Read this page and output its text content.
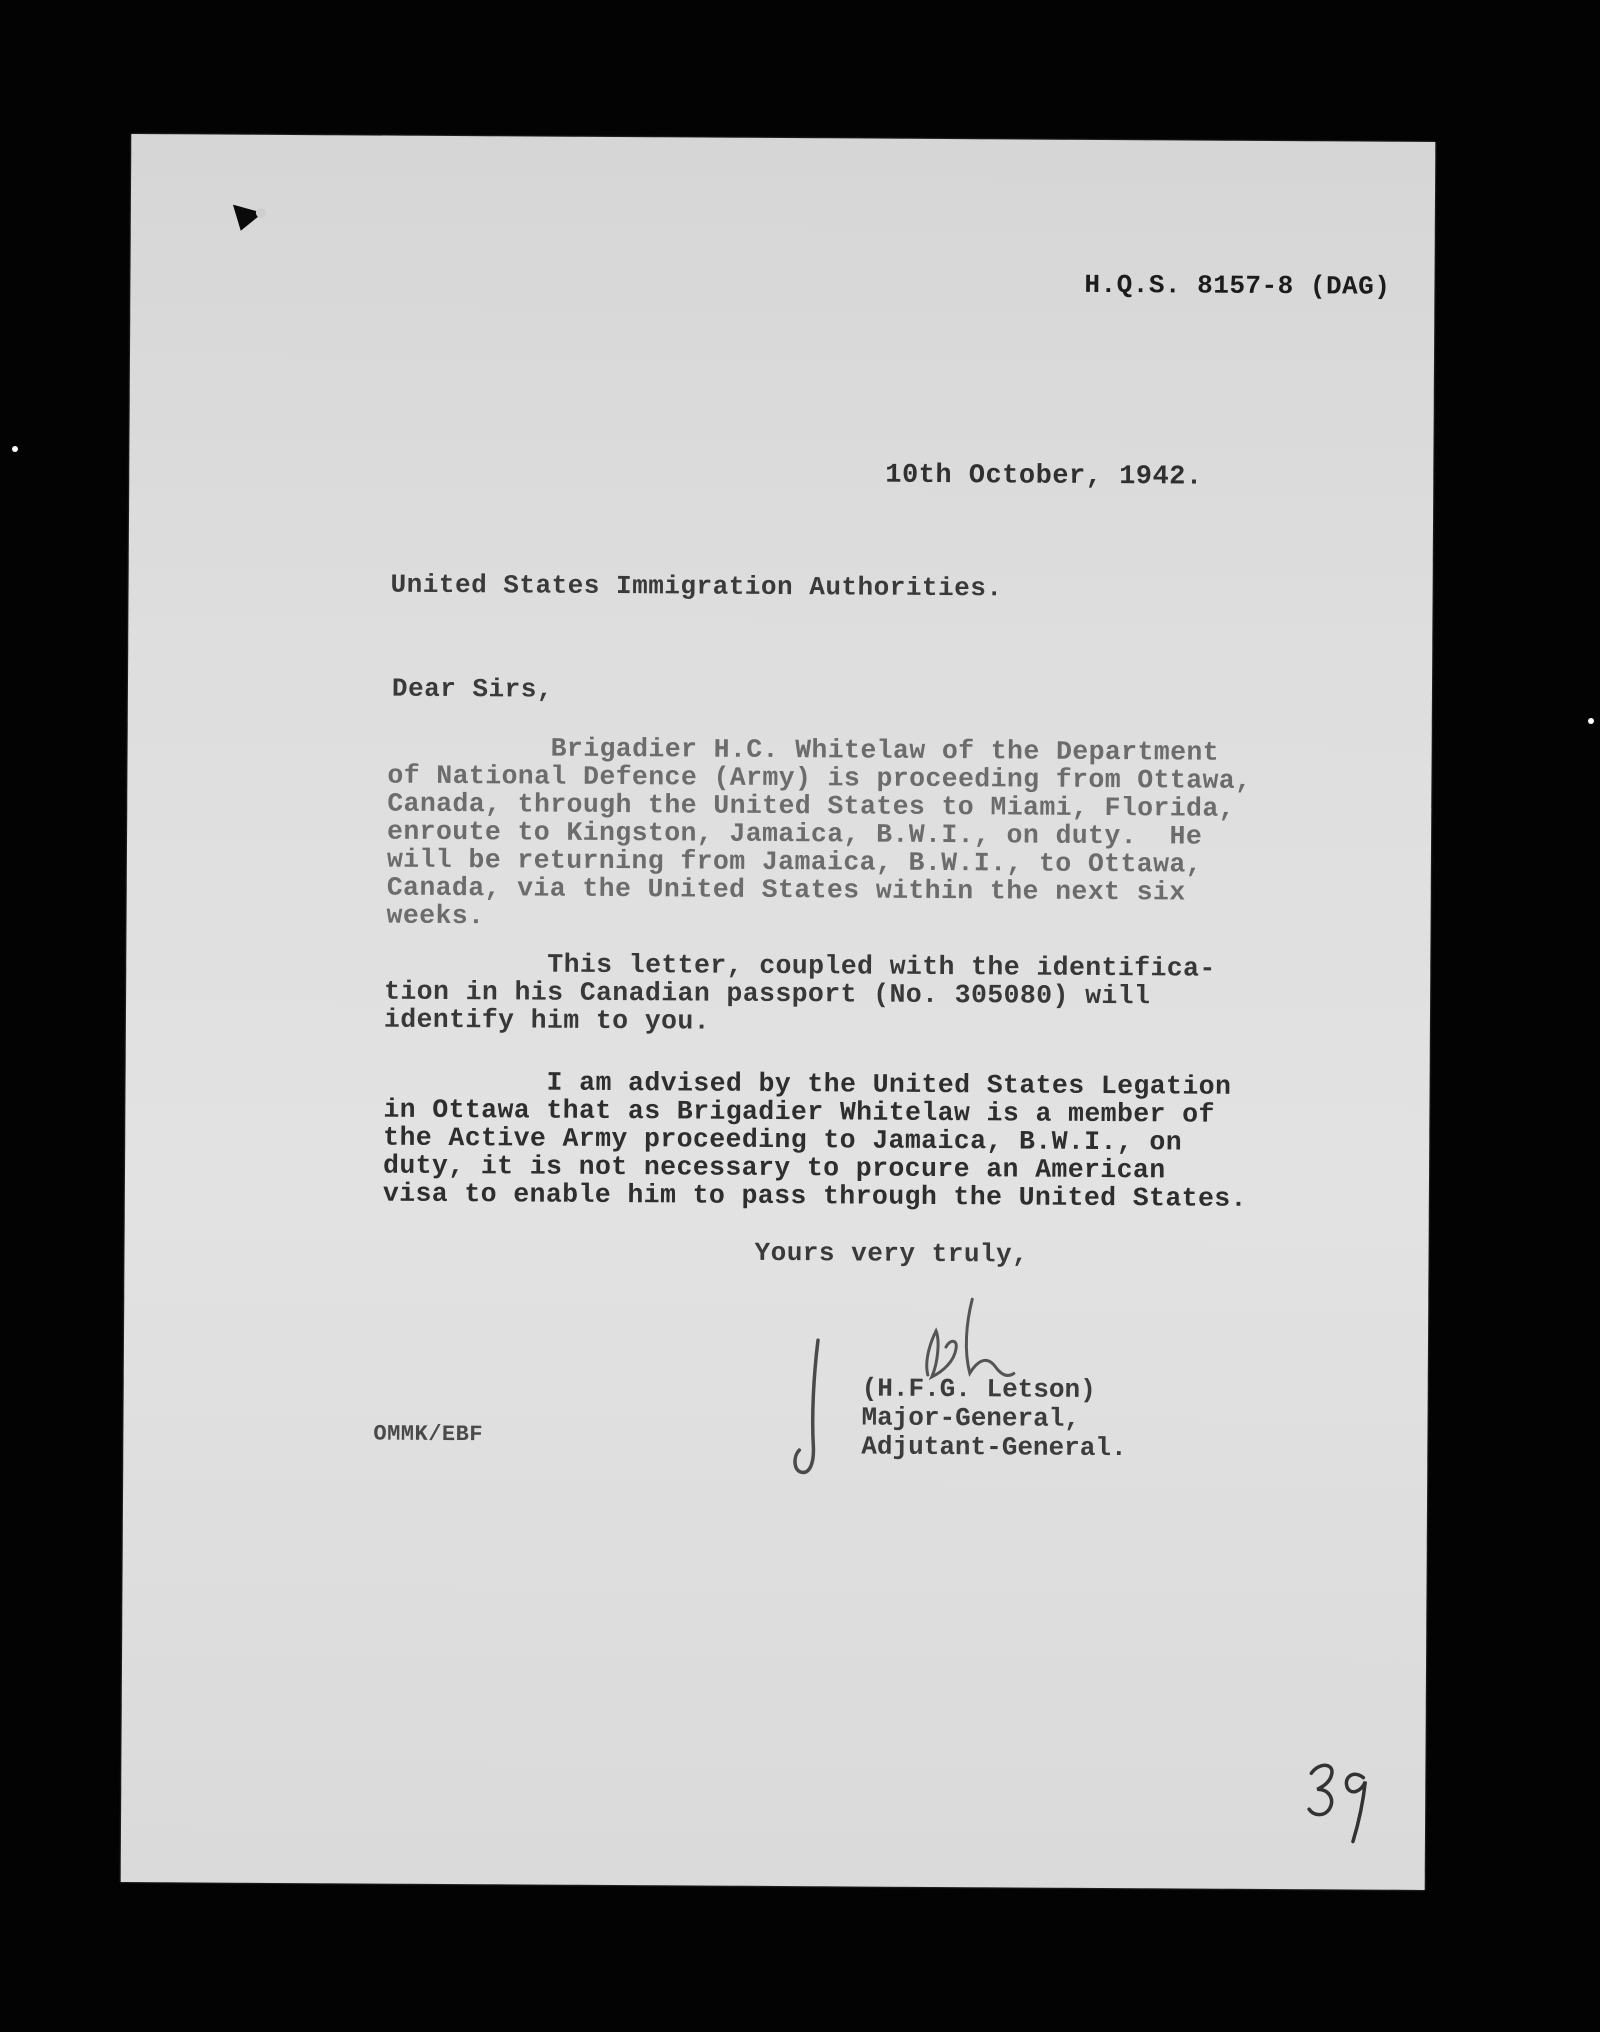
H.Q.S. 8157-8 (DAG)
10th October, 1942.
United States Immigration Authorities.
Dear Sirs,
Brigadier H.C. Whitelaw of the Department
of National Defence (Army) is proceeding from Ottawa,
Canada, through the United States to Miami, Florida,
enroute to Kingston, Jamaica, B.W.I., on duty.  He
will be returning from Jamaica, B.W.I., to Ottawa,
Canada, via the United States within the next six
weeks.
This letter, coupled with the identifica-
tion in his Canadian passport (No. 305080) will
identify him to you.
I am advised by the United States Legation
in Ottawa that as Brigadier Whitelaw is a member of
the Active Army proceeding to Jamaica, B.W.I., on
duty, it is not necessary to procure an American
visa to enable him to pass through the United States.
Yours very truly,
(H.F.G. Letson)
Major-General,
Adjutant-General.
OMMK/EBF
